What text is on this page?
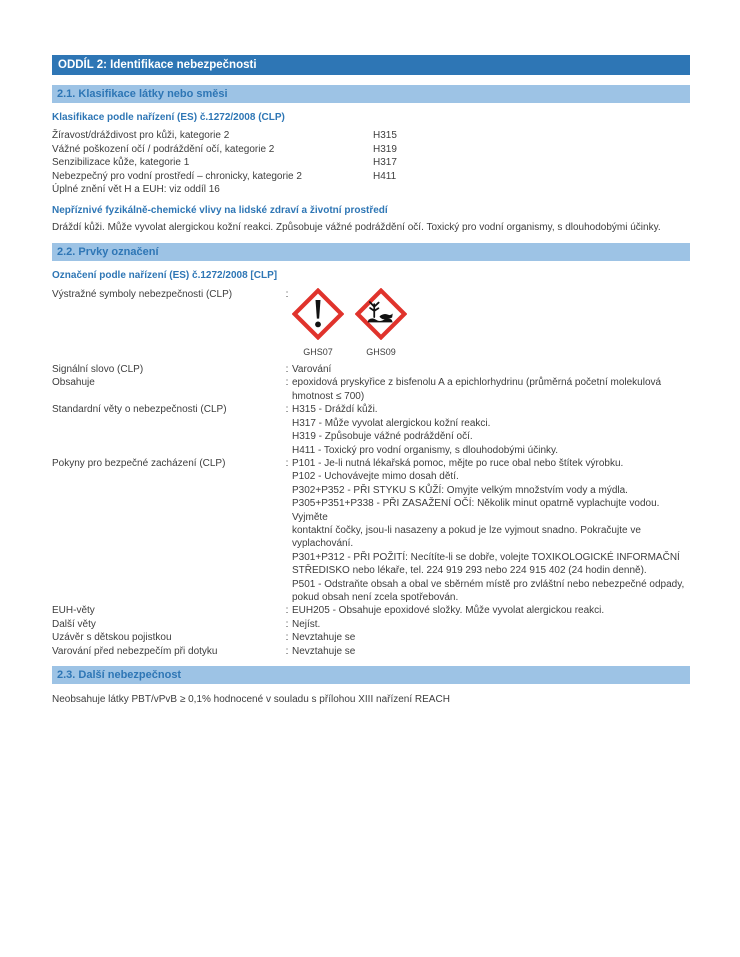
ODDÍL 2: Identifikace nebezpečnosti
2.1. Klasifikace látky nebo směsi
Klasifikace podle nařízení (ES) č.1272/2008 (CLP)
Žíravost/dráždivost pro kůži, kategorie 2	H315
Vážné poškození očí / podráždění očí, kategorie 2	H319
Senzibilizace kůže, kategorie 1	H317
Nebezpečný pro vodní prostředí – chronicky, kategorie 2	H411
Úplné znění vět H a EUH: viz oddíl 16
Nepříznivé fyzikálně-chemické vlivy na lidské zdraví a životní prostředí
Dráždí kůži. Může vyvolat alergickou kožní reakci. Způsobuje vážné podráždění očí. Toxický pro vodní organismy, s dlouhodobými účinky.
2.2. Prvky označení
Označení podle nařízení (ES) č.1272/2008 [CLP]
Výstražné symboly nebezpečnosti (CLP)	:
GHS07	GHS09
Signální slovo (CLP)	: Varování
Obsahuje	: epoxidová pryskyřice z bisfenolu A a epichlorhydrinu (průměrná početní molekulová
hmotnost ≤ 700)
Standardní věty o nebezpečnosti (CLP)	: H315 - Dráždí kůži.
H317 - Může vyvolat alergickou kožní reakci.
H319 - Způsobuje vážné podráždění očí.
H411 - Toxický pro vodní organismy, s dlouhodobými účinky.
Pokyny pro bezpečné zacházení (CLP)	: P101 - Je-li nutná lékařská pomoc, mějte po ruce obal nebo štítek výrobku.
P102 - Uchovávejte mimo dosah dětí.
P302+P352 - PŘI STYKU S KŮŽÍ: Omyjte velkým množstvím vody a mýdla.
P305+P351+P338 - PŘI ZASAŽENÍ OČÍ: Několik minut opatrně vyplachujte vodou. Vyjměte
kontaktní čočky, jsou-li nasazeny a pokud je lze vyjmout snadno. Pokračujte ve
vyplachování.
P301+P312 - PŘI POŽITÍ: Necítíte-li se dobře, volejte TOXIKOLOGICKÉ INFORMAČNÍ
STŘEDISKO nebo lékaře, tel. 224 919 293 nebo 224 915 402 (24 hodin denně).
P501 - Odstraňte obsah a obal ve sběrném místě pro zvláštní nebo nebezpečné odpady,
pokud obsah není zcela spotřebován.
EUH-věty	: EUH205 - Obsahuje epoxidové složky. Může vyvolat alergickou reakci.
Další věty	: Nejíst.
Uzávěr s dětskou pojistkou	: Nevztahuje se
Varování před nebezpečím při dotyku	: Nevztahuje se
2.3. Další nebezpečnost
Neobsahuje látky PBT/vPvB ≥ 0,1% hodnocené v souladu s přílohou XIII nařízení REACH
